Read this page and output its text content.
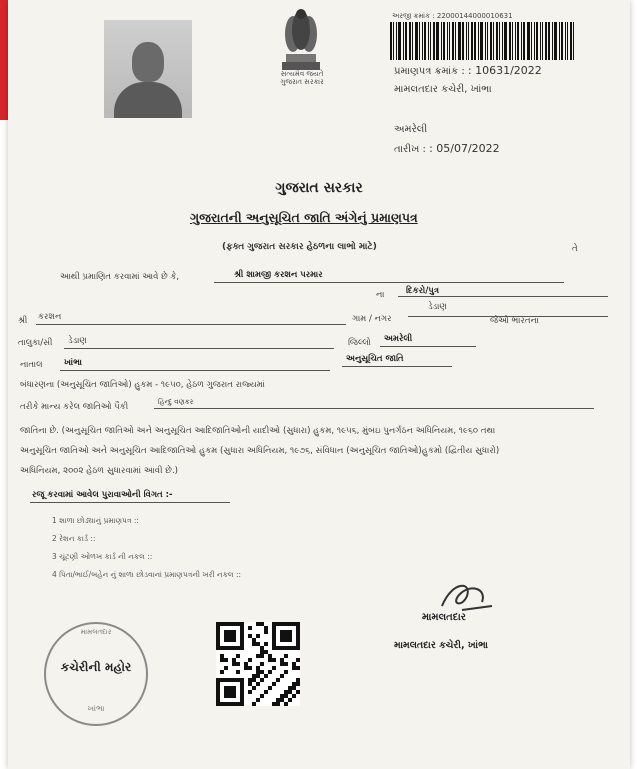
સત્યમેવ જયતે
ગુજરાત સરકાર
અરજી ક્રમાંક : 22000144000010631
પ્રમાણપત્ર ક્રમાંક : : 10631/2022
મામલતદાર કચેરી, ખાંભા
અમરેલી
તારીખ : : 05/07/2022
ગુજરાત સરકાર
ગુજરાતની અનુસૂચિત જાતિ અંગેનું પ્રમાણપત્ર
(ફક્ત ગુજરાત સરકાર હેઠળના લાભો માટે)
આથી પ્રમાણિત કરવામાં આવે છે કે,	શ્રી શામજી કરશન પરમાર
તે
ના	દિકરો/પુત્ર
શ્રી કરશન	ગામ / નગર
ડેડાણ
તાલુકા/સી ડેડાણ	જિલ્લો અમરેલી
જેઓ ભારતના
નાતાલ	ખાંભા	અનુસૂચિત જાતિ
બંધારણના (અનુસૂચિત જાતિઓ) હુકમ - ૧૯૫૦, હેઠળ ગુજરાત રાજ્યમાં
તરીકે માન્ય કરેલ જાતિઓ પૈકી	હિન્દુ વણકર
જાતિના છે. (અનુસૂચિત જાતિઓ અને અનુસૂચિત આદિજાતિઓની યાદીઓ (સુધારા) હુકમ, ૧૯૫૬, મુંબઇ પુનર્ગઠન અધિનિયમ, ૧૯૬૦ તથા
અનુસૂચિત જાતિઓ અને અનુસૂચિત આદિજાતિઓ હુકમ (સુધારા અધિનિયમ, ૧૯૭૬, સંવિધાન (અનુસૂચિત જાતિઓ)હુકમો (દ્વિતીય સુધારો)
અધિનિયમ, ૨૦૦૨ હેઠળ સુધારવામાં આવી છે.)
રજૂ કરવામાં આવેલ પુરાવાઓની વિગત :-
1 શાળા છોડ્યાનું પ્રમાણપત્ર ::
2 રેશન કાર્ડ ::
3 ચૂંટણી ઓળખ કાર્ડ ની નકલ ::
4 પિતા/ભાઈ/બહેન નું શાળા છોડવાનાં પ્રમાણપત્રની ખરી નકલ ::
મામલતદાર
કચેરીની મહોર
ખાંભા
મામલતદાર
મામલતદાર કચેરી, ખાંભા
